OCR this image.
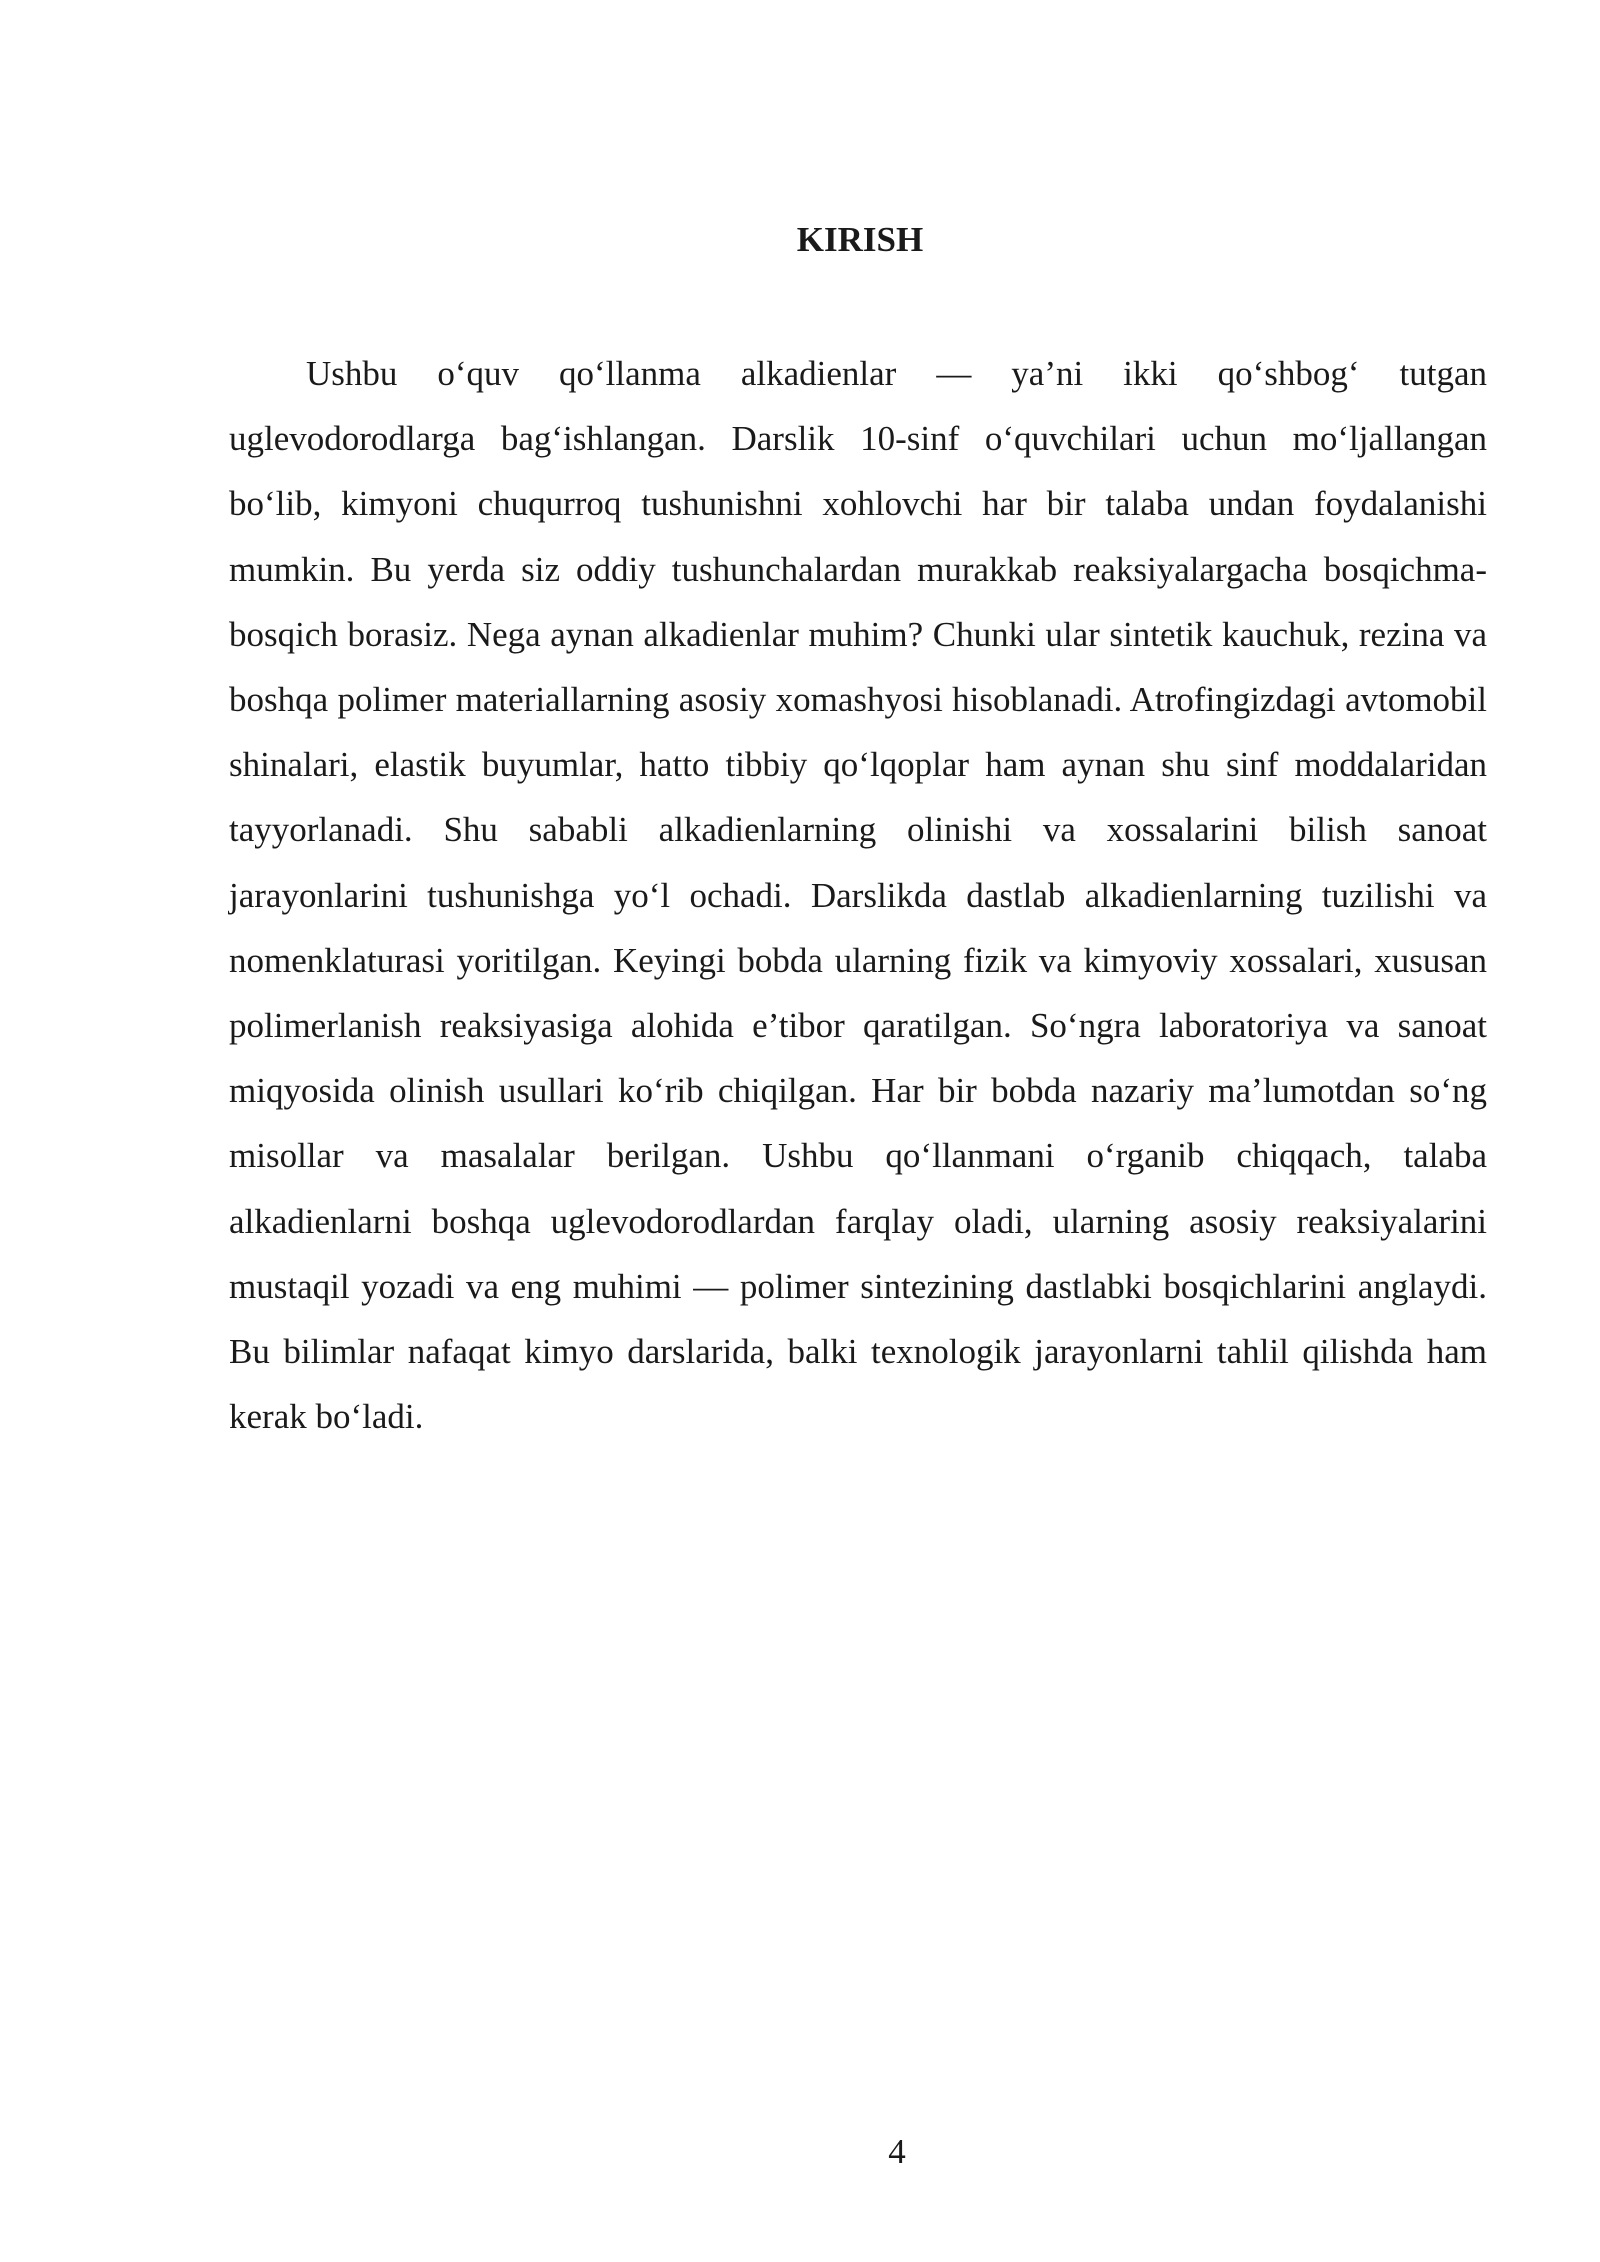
KIRISH

Ushbu o‘quv qo‘llanma alkadienlar — ya’ni ikki qo‘shbog‘ tutgan uglevodorodlarga bag‘ishlangan. Darslik 10-sinf o‘quvchilari uchun mo‘ljallangan bo‘lib, kimyoni chuqurroq tushunishni xohlovchi har bir talaba undan foydalanishi mumkin. Bu yerda siz oddiy tushunchalardan murakkab reaksiyalargacha bosqichma-bosqich borasiz. Nega aynan alkadienlar muhim? Chunki ular sintetik kauchuk, rezina va boshqa polimer materiallarning asosiy xomashyosi hisoblanadi. Atrofingizdagi avtomobil shinalari, elastik buyumlar, hatto tibbiy qo‘lqoplar ham aynan shu sinf moddalaridan tayyorlanadi. Shu sababli alkadienlarning olinishi va xossalarini bilish sanoat jarayonlarini tushunishga yo‘l ochadi. Darslikda dastlab alkadienlarning tuzilishi va nomenklaturasi yoritilgan. Keyingi bobda ularning fizik va kimyoviy xossalari, xususan polimerlanish reaksiyasiga alohida e’tibor qaratilgan. So‘ngra laboratoriya va sanoat miqyosida olinish usullari ko‘rib chiqilgan. Har bir bobda nazariy ma’lumotdan so‘ng misollar va masalalar berilgan. Ushbu qo‘llanmani o‘rganib chiqqach, talaba alkadienlarni boshqa uglevodorodlardan farqlay oladi, ularning asosiy reaksiyalarini mustaqil yozadi va eng muhimi — polimer sintezining dastlabki bosqichlarini anglaydi. Bu bilimlar nafaqat kimyo darslarida, balki texnologik jarayonlarni tahlil qilishda ham kerak bo‘ladi.

4
